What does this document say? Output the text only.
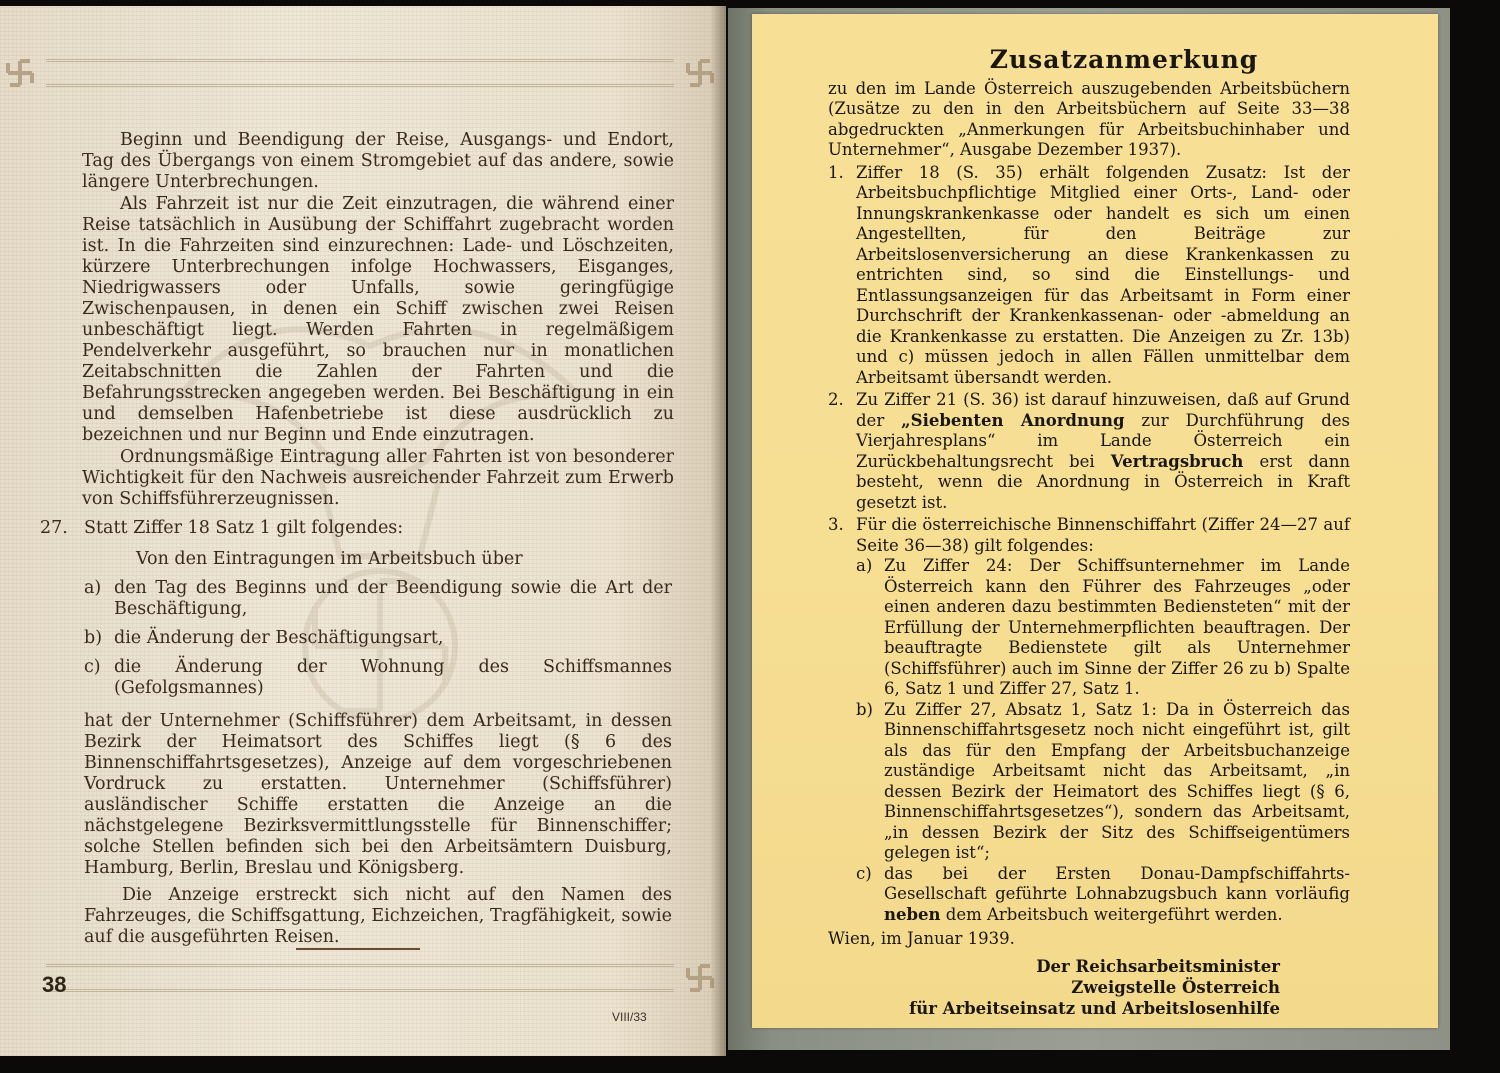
Beginn und Beendigung der Reise, Ausgangs- und Endort, Tag des Übergangs von einem Stromgebiet auf das andere, sowie längere Unterbrechungen.

Als Fahrzeit ist nur die Zeit einzutragen, die während einer Reise tatsächlich in Ausübung der Schiffahrt zugebracht worden ist. In die Fahrzeiten sind einzurechnen: Lade- und Löschzeiten, kürzere Unterbrechungen infolge Hochwassers, Eisganges, Niedrigwassers oder Unfalls, sowie geringfügige Zwischenpausen, in denen ein Schiff zwischen zwei Reisen unbeschäftigt liegt. Werden Fahrten in regelmäßigem Pendelverkehr ausgeführt, so brauchen nur in monatlichen Zeitabschnitten die Zahlen der Fahrten und die Befahrungsstrecken angegeben werden. Bei Beschäftigung in ein und demselben Hafenbetriebe ist diese ausdrücklich zu bezeichnen und nur Beginn und Ende einzutragen.

Ordnungsmäßige Eintragung aller Fahrten ist von besonderer Wichtigkeit für den Nachweis ausreichender Fahrzeit zum Erwerb von Schiffsführerzeugnissen.

27. Statt Ziffer 18 Satz 1 gilt folgendes:
Von den Eintragungen im Arbeitsbuch über
a) den Tag des Beginns und der Beendigung sowie die Art der Beschäftigung,
b) die Änderung der Beschäftigungsart,
c) die Änderung der Wohnung des Schiffsmannes (Gefolgsmannes)
hat der Unternehmer (Schiffsführer) dem Arbeitsamt, in dessen Bezirk der Heimatsort des Schiffes liegt (§ 6 des Binnenschiffahrtsgesetzes), Anzeige auf dem vorgeschriebenen Vordruck zu erstatten. Unternehmer (Schiffsführer) ausländischer Schiffe erstatten die Anzeige an die nächstgelegene Bezirksvermittlungsstelle für Binnenschiffer; solche Stellen befinden sich bei den Arbeitsämtern Duisburg, Hamburg, Berlin, Breslau und Königsberg.
Die Anzeige erstreckt sich nicht auf den Namen des Fahrzeuges, die Schiffsgattung, Eichzeichen, Tragfähigkeit, sowie auf die ausgeführten Reisen.
38
VIII/33
Zusatzanmerkung
zu den im Lande Österreich auszugebenden Arbeitsbüchern (Zusätze zu den in den Arbeitsbüchern auf Seite 33—38 abgedruckten „Anmerkungen für Arbeitsbuchinhaber und Unternehmer“, Ausgabe Dezember 1937).
1. Ziffer 18 (S. 35) erhält folgenden Zusatz: Ist der Arbeitsbuchpflichtige Mitglied einer Orts-, Land- oder Innungskrankenkasse oder handelt es sich um einen Angestellten, für den Beiträge zur Arbeitslosenversicherung an diese Krankenkassen zu entrichten sind, so sind die Einstellungs- und Entlassungsanzeigen für das Arbeitsamt in Form einer Durchschrift der Krankenkassenan- oder -abmeldung an die Krankenkasse zu erstatten. Die Anzeigen zu Zr. 13b) und c) müssen jedoch in allen Fällen unmittelbar dem Arbeitsamt übersandt werden.
2. Zu Ziffer 21 (S. 36) ist darauf hinzuweisen, daß auf Grund der „Siebenten Anordnung zur Durchführung des Vierjahresplans“ im Lande Österreich ein Zurückbehaltungsrecht bei Vertragsbruch erst dann besteht, wenn die Anordnung in Österreich in Kraft gesetzt ist.
3. Für die österreichische Binnenschiffahrt (Ziffer 24—27 auf Seite 36—38) gilt folgendes:
a) Zu Ziffer 24: Der Schiffsunternehmer im Lande Österreich kann den Führer des Fahrzeuges „oder einen anderen dazu bestimmten Bediensteten“ mit der Erfüllung der Unternehmerpflichten beauftragen. Der beauftragte Bedienstete gilt als Unternehmer (Schiffsführer) auch im Sinne der Ziffer 26 zu b) Spalte 6, Satz 1 und Ziffer 27, Satz 1.
b) Zu Ziffer 27, Absatz 1, Satz 1: Da in Österreich das Binnenschiffahrtsgesetz noch nicht eingeführt ist, gilt als das für den Empfang der Arbeitsbuchanzeige zuständige Arbeitsamt nicht das Arbeitsamt, „in dessen Bezirk der Heimatort des Schiffes liegt (§ 6, Binnenschiffahrtsgesetzes“), sondern das Arbeitsamt, „in dessen Bezirk der Sitz des Schiffseigentümers gelegen ist“;
c) das bei der Ersten Donau-Dampfschiffahrts-Gesellschaft geführte Lohnabzugsbuch kann vorläufig neben dem Arbeitsbuch weitergeführt werden.
Wien, im Januar 1939.
Der Reichsarbeitsminister
Zweigstelle Österreich
für Arbeitseinsatz und Arbeitslosenhilfe
